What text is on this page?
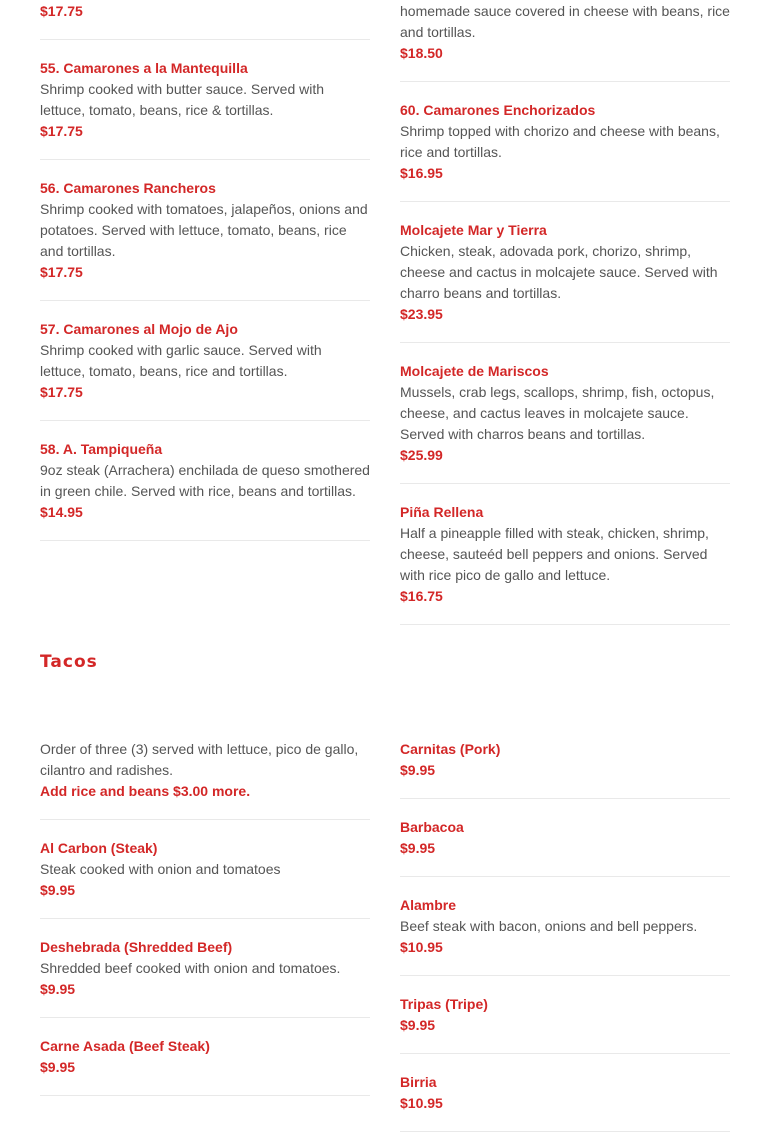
$17.75

55. Camarones a la Mantequilla

Shrimp cooked with butter sauce. Served with lettuce, tomato, beans, rice & tortillas.

$17.75

56. Camarones Rancheros

Shrimp cooked with tomatoes, jalapeños, onions and potatoes. Served with lettuce, tomato, beans, rice and tortillas.

$17.75

57. Camarones al Mojo de Ajo

Shrimp cooked with garlic sauce. Served with lettuce, tomato, beans, rice and tortillas.

$17.75

58. A. Tampiqueña

9oz steak (Arrachera) enchilada de queso smothered in green chile. Served with rice, beans and tortillas.

$14.95

homemade sauce covered in cheese with beans, rice and tortillas.

$18.50

60. Camarones Enchorizados

Shrimp topped with chorizo and cheese with beans, rice and tortillas.

$16.95

Molcajete Mar y Tierra

Chicken, steak, adovada pork, chorizo, shrimp, cheese and cactus in molcajete sauce. Served with charro beans and tortillas.

$23.95

Molcajete de Mariscos

Mussels, crab legs, scallops, shrimp, fish, octopus, cheese, and cactus leaves in molcajete sauce. Served with charros beans and tortillas.

$25.99

Piña Rellena

Half a pineapple filled with steak, chicken, shrimp, cheese, sauteéd bell peppers and onions. Served with rice pico de gallo and lettuce.

$16.75

Tacos

Order of three (3) served with lettuce, pico de gallo, cilantro and radishes.

Add rice and beans $3.00 more.

Al Carbon (Steak)

Steak cooked with onion and tomatoes

$9.95

Deshebrada (Shredded Beef)

Shredded beef cooked with onion and tomatoes.

$9.95

Carne Asada (Beef Steak)

$9.95

Carnitas (Pork)

$9.95

Barbacoa

$9.95

Alambre

Beef steak with bacon, onions and bell peppers.

$10.95

Tripas (Tripe)

$9.95

Birria

$10.95
